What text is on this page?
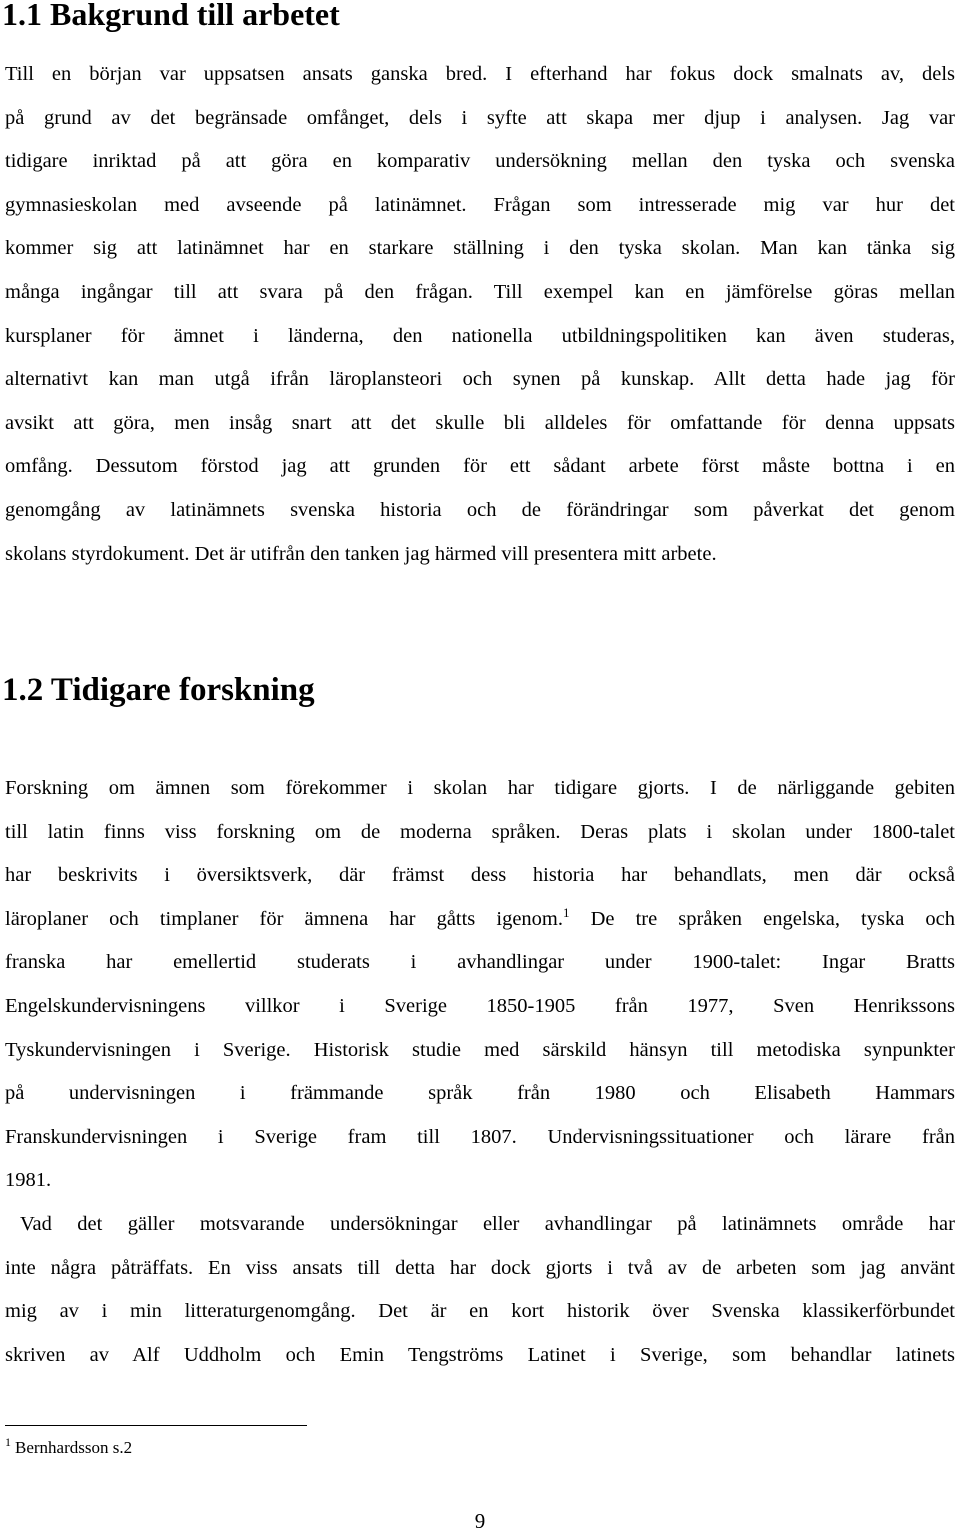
1.1 Bakgrund till arbetet

Till en början var uppsatsen ansats ganska bred. I efterhand har fokus dock smalnats av, dels
på grund av det begränsade omfånget, dels i syfte att skapa mer djup i analysen. Jag var
tidigare inriktad på att göra en komparativ undersökning mellan den tyska och svenska
gymnasieskolan med avseende på latinämnet. Frågan som intresserade mig var hur det
kommer sig att latinämnet har en starkare ställning i den tyska skolan. Man kan tänka sig
många ingångar till att svara på den frågan. Till exempel kan en jämförelse göras mellan
kursplaner för ämnet i länderna, den nationella utbildningspolitiken kan även studeras,
alternativt kan man utgå ifrån läroplansteori och synen på kunskap. Allt detta hade jag för
avsikt att göra, men insåg snart att det skulle bli alldeles för omfattande för denna uppsats
omfång. Dessutom förstod jag att grunden för ett sådant arbete först måste bottna i en
genomgång av latinämnets svenska historia och de förändringar som påverkat det genom
skolans styrdokument. Det är utifrån den tanken jag härmed vill presentera mitt arbete.

1.2 Tidigare forskning

Forskning om ämnen som förekommer i skolan har tidigare gjorts. I de närliggande gebiten
till latin finns viss forskning om de moderna språken. Deras plats i skolan under 1800-talet
har beskrivits i översiktsverk, där främst dess historia har behandlats, men där också
läroplaner och timplaner för ämnena har gåtts igenom.$^1$ De tre språken engelska, tyska och
franska har emellertid studerats i avhandlingar under 1900-talet: Ingar Bratts
Engelskundervisningens villkor i Sverige 1850-1905 från 1977, Sven Henrikssons
Tyskundervisningen i Sverige. Historisk studie med särskild hänsyn till metodiska synpunkter
på undervisningen i främmande språk från 1980 och Elisabeth Hammars
Franskundervisningen i Sverige fram till 1807. Undervisningssituationer och lärare från
1981.
Vad det gäller motsvarande undersökningar eller avhandlingar på latinämnets område har
inte några påträffats. En viss ansats till detta har dock gjorts i två av de arbeten som jag använt
mig av i min litteraturgenomgång. Det är en kort historik över Svenska klassikerförbundet
skriven av Alf Uddholm och Emin Tengströms Latinet i Sverige, som behandlar latinets

$^1$ Bernhardsson s.2

9
